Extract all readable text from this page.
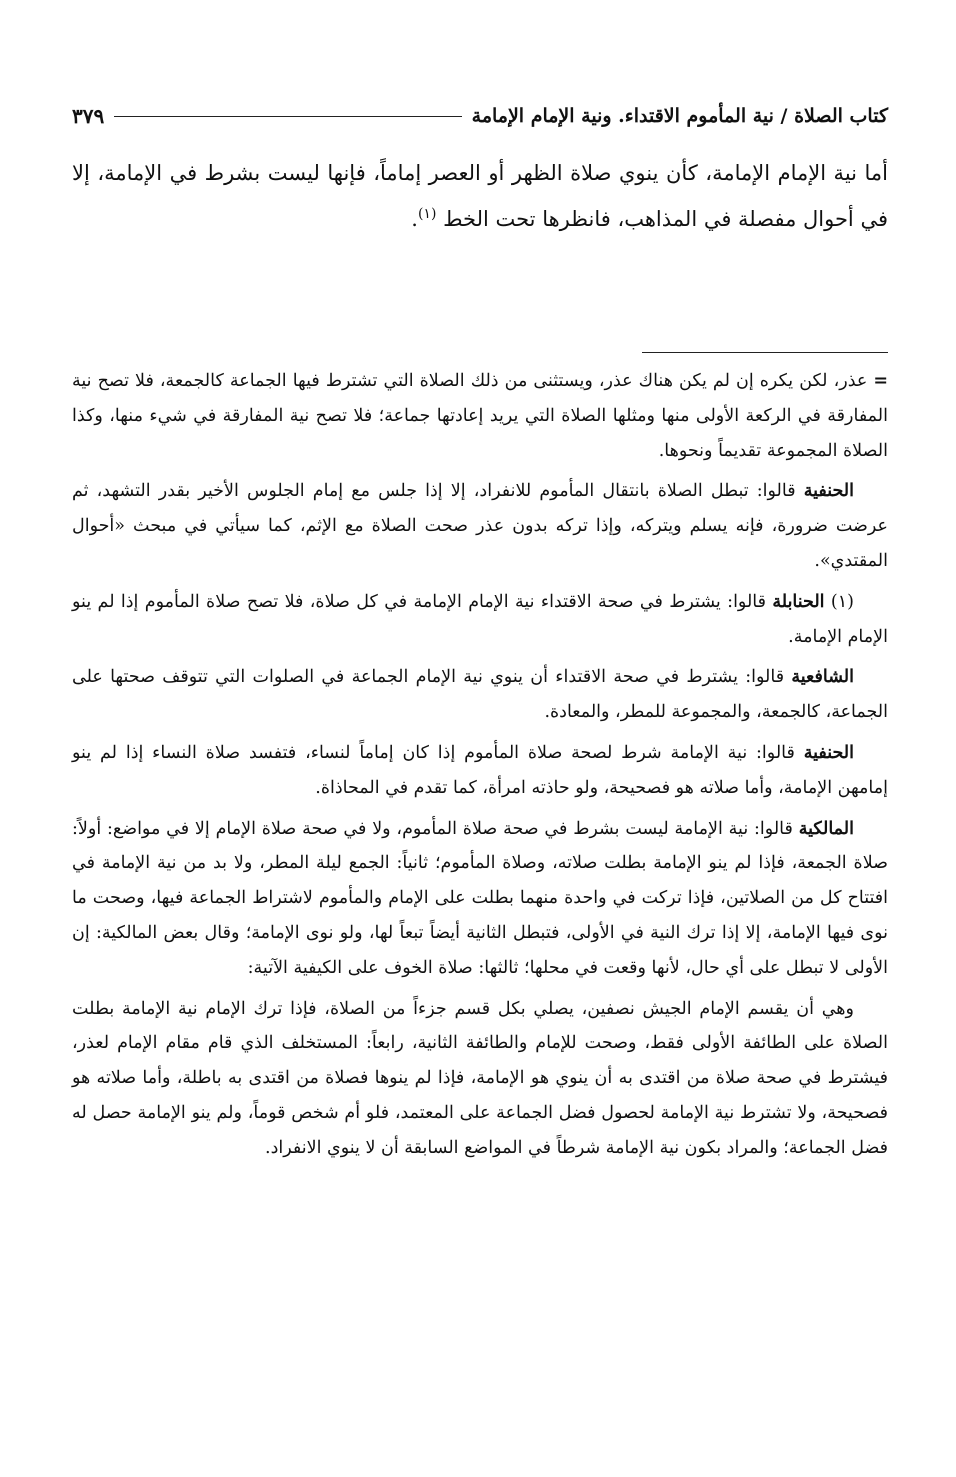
كتاب الصلاة / نية المأموم الاقتداء. ونية الإمام الإمامة
٣٧٩

أما نية الإمام الإمامة، كأن ينوي صلاة الظهر أو العصر إماماً، فإنها ليست بشرط في الإمامة، إلا في أحوال مفصلة في المذاهب، فانظرها تحت الخط $^{(١)}$.

=عذر، لكن يكره إن لم يكن هناك عذر، ويستثنى من ذلك الصلاة التي تشترط فيها الجماعة كالجمعة، فلا تصح نية المفارقة في الركعة الأولى منها ومثلها الصلاة التي يريد إعادتها جماعة؛ فلا تصح نية المفارقة في شيء منها، وكذا الصلاة المجموعة تقديماً ونحوها.

الحنفية قالوا: تبطل الصلاة بانتقال المأموم للانفراد، إلا إذا جلس مع إمام الجلوس الأخير بقدر التشهد، ثم عرضت ضرورة، فإنه يسلم ويتركه، وإذا تركه بدون عذر صحت الصلاة مع الإثم، كما سيأتي في مبحث «أحوال المقتدي».

(١) الحنابلة قالوا: يشترط في صحة الاقتداء نية الإمام الإمامة في كل صلاة، فلا تصح صلاة المأموم إذا لم ينو الإمام الإمامة.

الشافعية قالوا: يشترط في صحة الاقتداء أن ينوي نية الإمام الجماعة في الصلوات التي تتوقف صحتها على الجماعة، كالجمعة، والمجموعة للمطر، والمعادة.

الحنفية قالوا: نية الإمامة شرط لصحة صلاة المأموم إذا كان إماماً لنساء، فتفسد صلاة النساء إذا لم ينو إمامهن الإمامة، وأما صلاته هو فصحيحة، ولو حاذته امرأة، كما تقدم في المحاذاة.

المالكية قالوا: نية الإمامة ليست بشرط في صحة صلاة المأموم، ولا في صحة صلاة الإمام إلا في مواضع: أولاً: صلاة الجمعة، فإذا لم ينو الإمامة بطلت صلاته، وصلاة المأموم؛ ثانياً: الجمع ليلة المطر، ولا بد من نية الإمامة في افتتاح كل من الصلاتين، فإذا تركت في واحدة منهما بطلت على الإمام والمأموم لاشتراط الجماعة فيها، وصحت ما نوى فيها الإمامة، إلا إذا ترك النية في الأولى، فتبطل الثانية أيضاً تبعاً لها، ولو نوى الإمامة؛ وقال بعض المالكية: إن الأولى لا تبطل على أي حال، لأنها وقعت في محلها؛ ثالثها: صلاة الخوف على الكيفية الآتية:

وهي أن يقسم الإمام الجيش نصفين، يصلي بكل قسم جزءاً من الصلاة، فإذا ترك الإمام نية الإمامة بطلت الصلاة على الطائفة الأولى فقط، وصحت للإمام والطائفة الثانية، رابعاً: المستخلف الذي قام مقام الإمام لعذر، فيشترط في صحة صلاة من اقتدى به أن ينوي هو الإمامة، فإذا لم ينوها فصلاة من اقتدى به باطلة، وأما صلاته هو فصحيحة، ولا تشترط نية الإمامة لحصول فضل الجماعة على المعتمد، فلو أم شخص قوماً، ولم ينو الإمامة حصل له فضل الجماعة؛ والمراد بكون نية الإمامة شرطاً في المواضع السابقة أن لا ينوي الانفراد.
